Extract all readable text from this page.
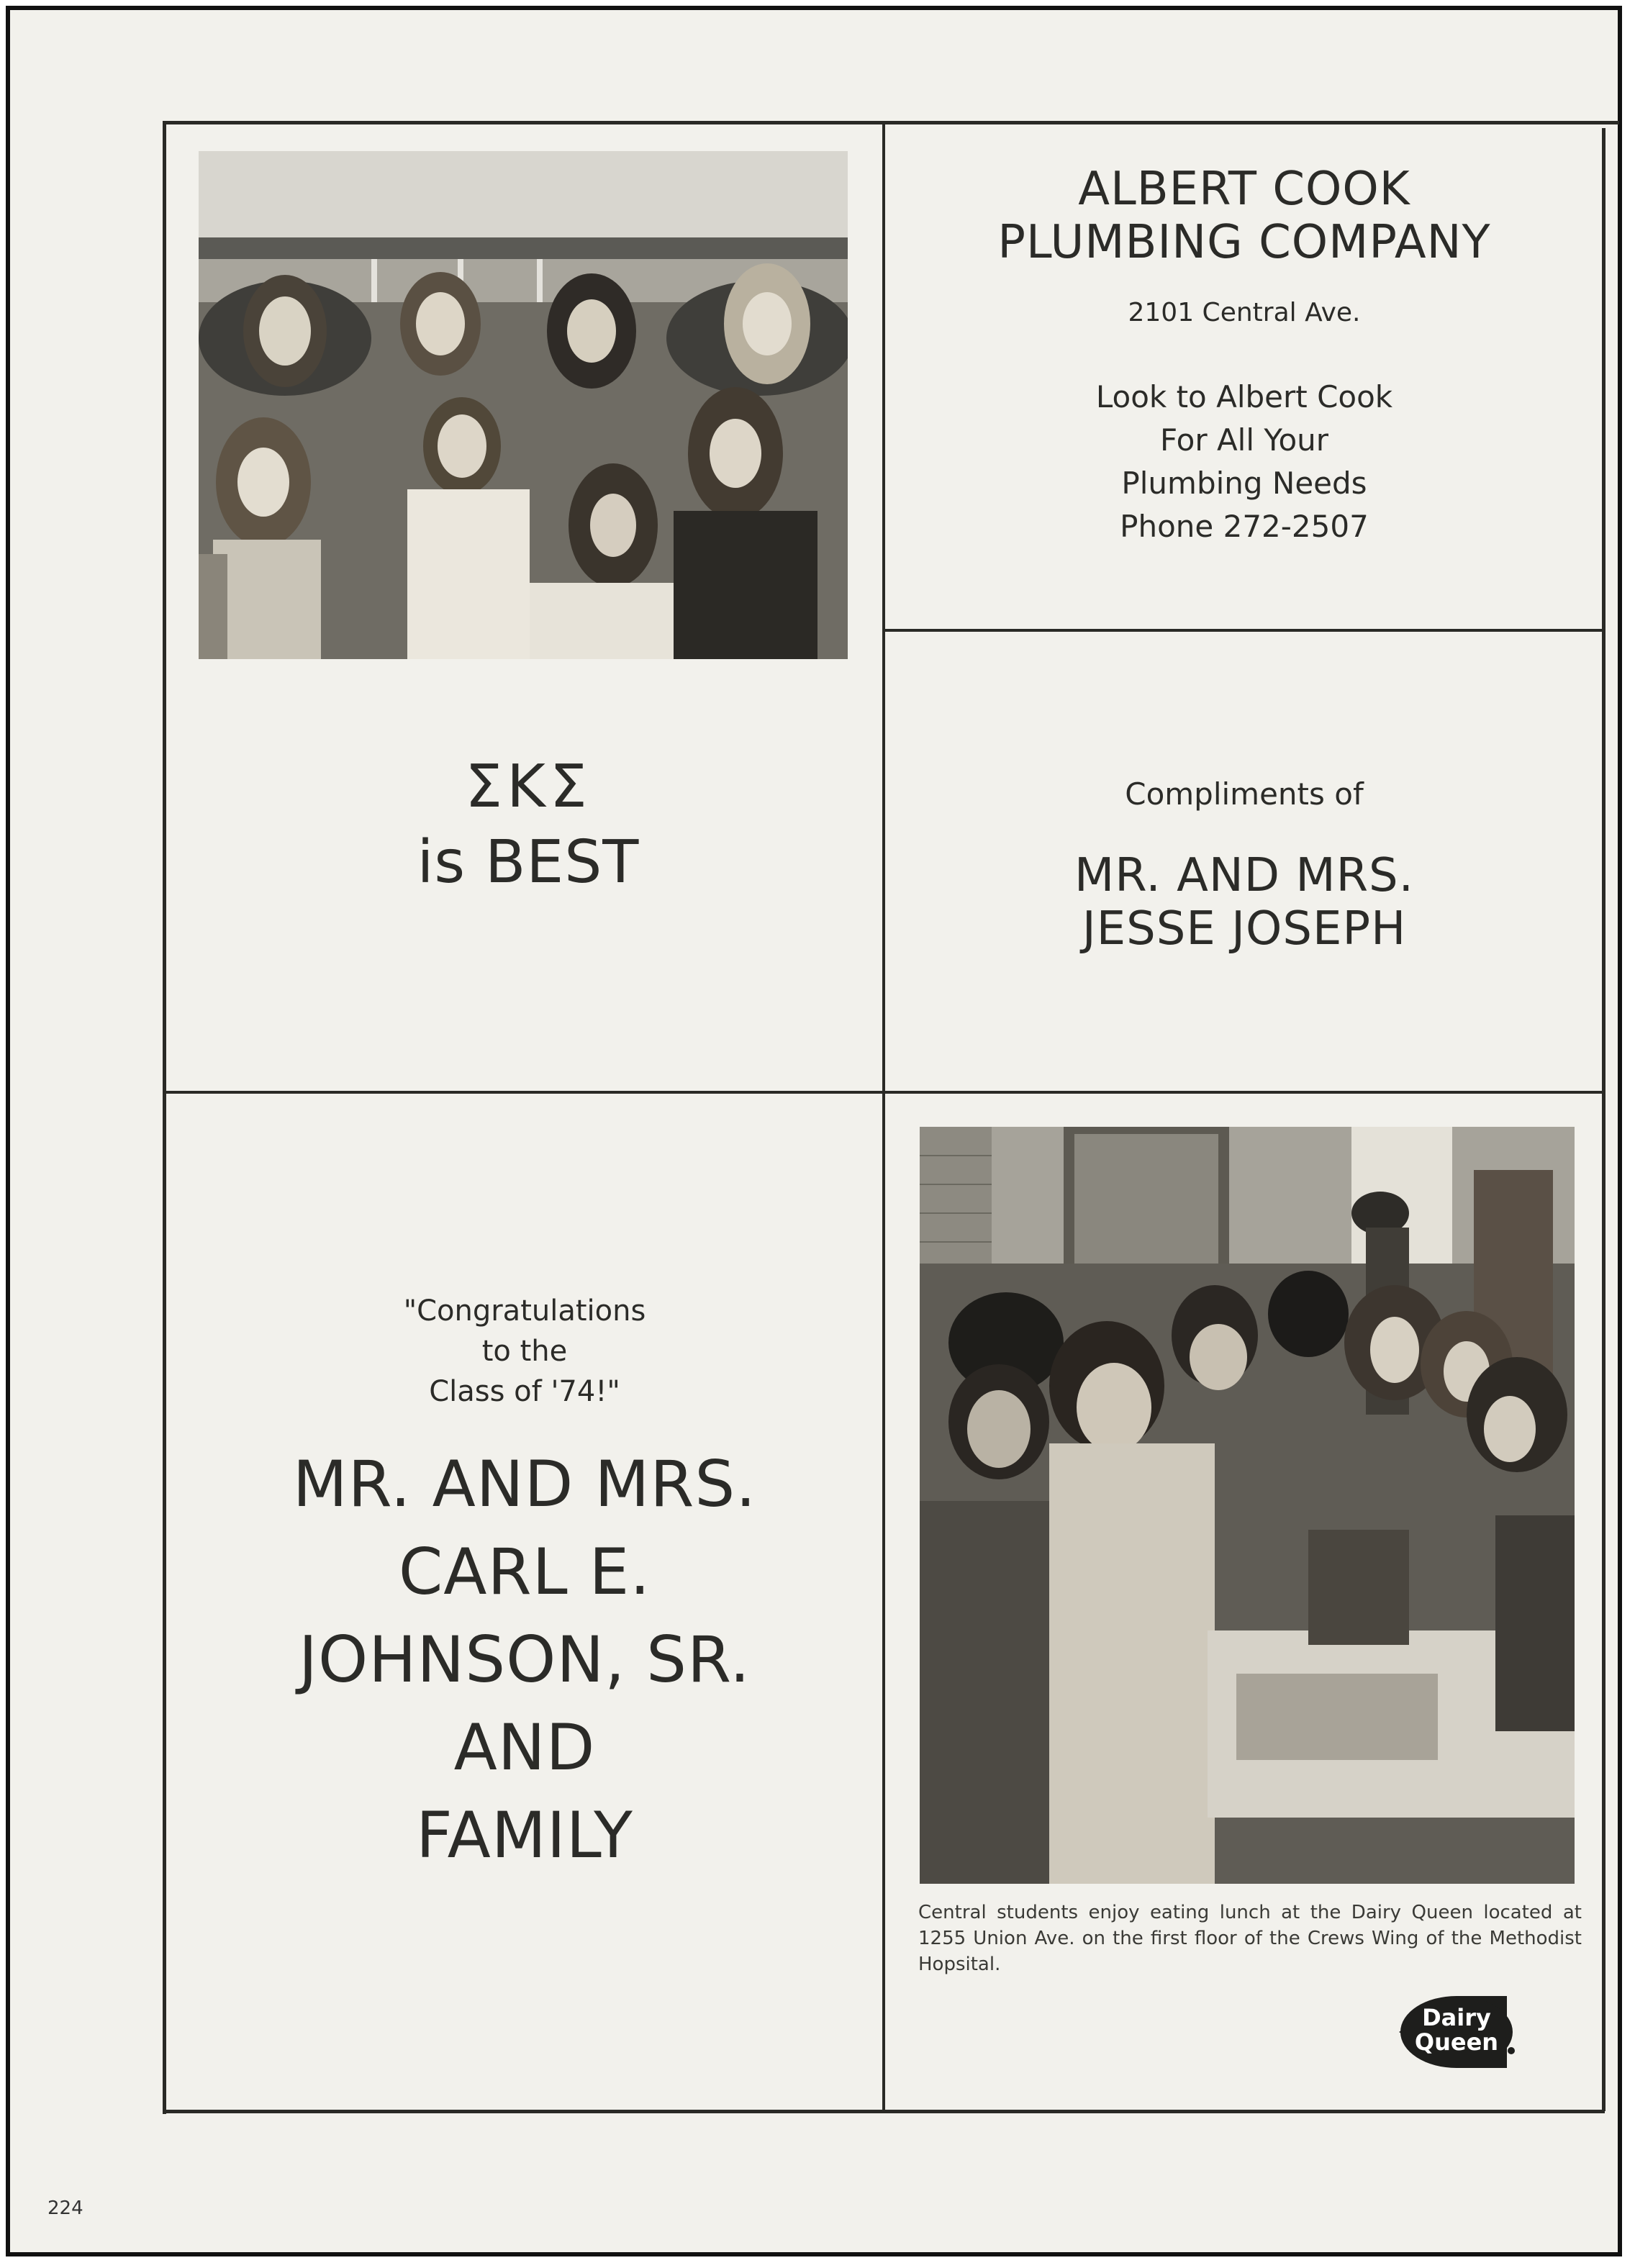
ΣΚΣ
is BEST
ALBERT COOK
PLUMBING COMPANY
2101 Central Ave.
Look to Albert Cook
For All Your
Plumbing Needs
Phone 272-2507
Compliments of
MR. AND MRS.
JESSE JOSEPH
"Congratulations
to the
Class of '74!"
MR. AND MRS.
CARL E.
JOHNSON, SR.
AND
FAMILY
Central students enjoy eating lunch at the Dairy Queen located at 1255 Union Ave. on the first floor of the Crews Wing of the Methodist Hopsital.
Dairy
Queen
224
